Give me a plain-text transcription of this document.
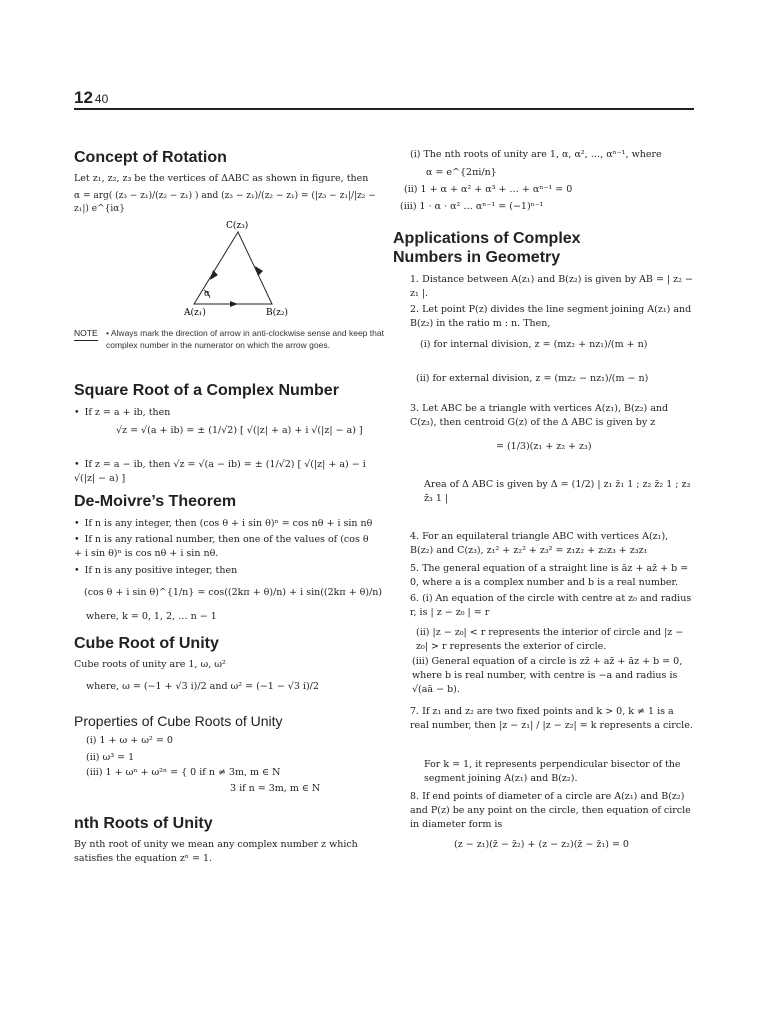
12 40
Concept of Rotation
Let z₁, z₂, z₃ be the vertices of ΔABC as shown in figure, then
α = arg( (z₃ − z₁)/(z₂ − z₁) ) and (z₃ − z₁)/(z₂ − z₁) = (|z₃ − z₁|/|z₂ − z₁|) e^{iα}
C(z₃)
A(z₁)	B(z₂)
α
NOTE • Always mark the direction of arrow in anti-clockwise sense and keep that complex number in the numerator on which the arrow goes.
Square Root of a Complex Number
• If z = a + ib, then
√z = √(a + ib) = ± (1/√2) [ √(|z| + a) + i √(|z| − a) ]
• If z = a − ib, then √z = √(a − ib) = ± (1/√2) [ √(|z| + a) − i √(|z| − a) ]
De-Moivre’s Theorem
• If n is any integer, then (cos θ + i sin θ)ⁿ = cos nθ + i sin nθ
• If n is any rational number, then one of the values of (cos θ + i sin θ)ⁿ is cos nθ + i sin nθ.
• If n is any positive integer, then
(cos θ + i sin θ)^{1/n} = cos((2kπ + θ)/n) + i sin((2kπ + θ)/n)
where, k = 0, 1, 2, … n − 1
Cube Root of Unity
Cube roots of unity are 1, ω, ω²
where, ω = (−1 + √3 i)/2 and ω² = (−1 − √3 i)/2
Properties of Cube Roots of Unity
(i) 1 + ω + ω² = 0
(ii) ω³ = 1
(iii) 1 + ωⁿ + ω²ⁿ = { 0 if n ≠ 3m, m ∈ N
3 if n = 3m, m ∈ N
nth Roots of Unity
By nth root of unity we mean any complex number z which satisfies the equation zⁿ = 1.
(i) The nth roots of unity are 1, α, α², …, αⁿ⁻¹, where
α = e^{2πi/n}
(ii) 1 + α + α² + α³ + … + αⁿ⁻¹ = 0
(iii) 1 · α · α² … αⁿ⁻¹ = (−1)ⁿ⁻¹
Applications of Complex Numbers in Geometry
1. Distance between A(z₁) and B(z₂) is given by AB = | z₂ − z₁ |.
2. Let point P(z) divides the line segment joining A(z₁) and B(z₂) in the ratio m : n. Then,
(i) for internal division, z = (mz₂ + nz₁)/(m + n)
(ii) for external division, z = (mz₂ − nz₁)/(m − n)
3. Let ABC be a triangle with vertices A(z₁), B(z₂) and C(z₃), then centroid G(z) of the Δ ABC is given by z
= (1/3)(z₁ + z₂ + z₃)
Area of Δ ABC is given by Δ = (1/2) | z₁ z̄₁ 1 ; z₂ z̄₂ 1 ; z₃ z̄₃ 1 |
4. For an equilateral triangle ABC with vertices A(z₁), B(z₂) and C(z₃), z₁² + z₂² + z₃² = z₁z₂ + z₂z₃ + z₃z₁
5. The general equation of a straight line is āz + az̄ + b = 0, where a is a complex number and b is a real number.
6. (i) An equation of the circle with centre at z₀ and radius r, is | z − z₀ | = r
(ii) |z − z₀| < r represents the interior of circle and |z − z₀| > r represents the exterior of circle.
(iii) General equation of a circle is zz̄ + az̄ + āz + b = 0, where b is real number, with centre is −a and radius is √(aā − b).
7. If z₁ and z₂ are two fixed points and k > 0, k ≠ 1 is a real number, then |z − z₁| / |z − z₂| = k represents a circle.
For k = 1, it represents perpendicular bisector of the segment joining A(z₁) and B(z₂).
8. If end points of diameter of a circle are A(z₁) and B(z₂) and P(z) be any point on the circle, then equation of circle in diameter form is
(z − z₁)(z̄ − z̄₂) + (z − z₂)(z̄ − z̄₁) = 0
